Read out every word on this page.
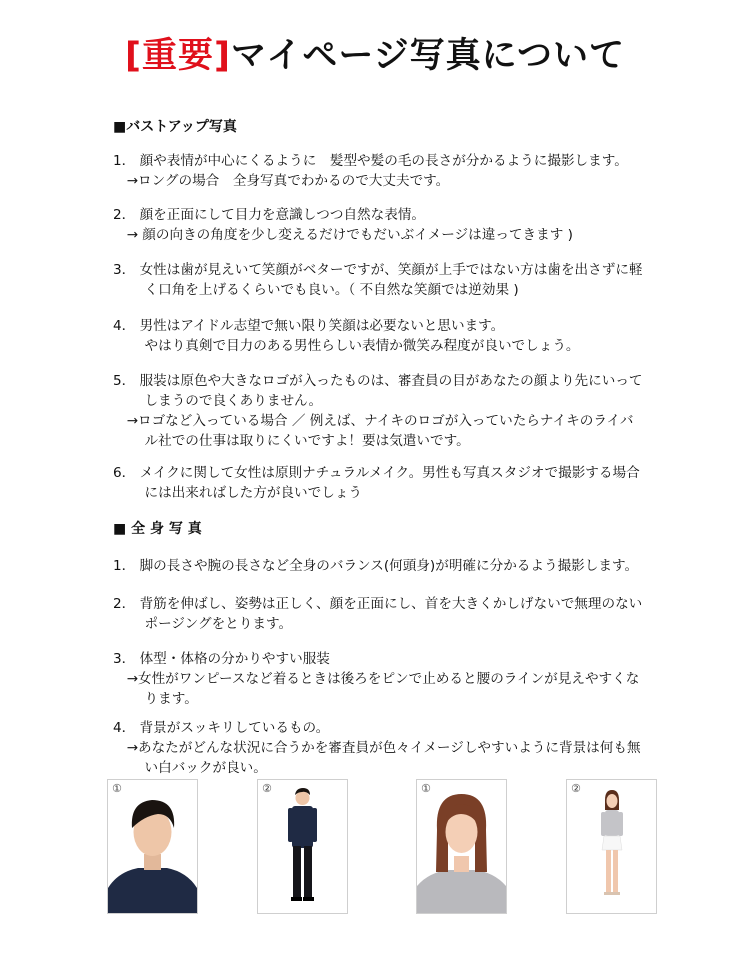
[重要]マイページ写真について
■バストアップ写真
1． 顔や表情が中心にくるように　髪型や髪の毛の長さが分かるように撮影します。
　→ロングの場合　全身写真でわかるので大丈夫です。
2． 顔を正面にして目力を意識しつつ自然な表情。
　→ 顔の向きの角度を少し変えるだけでもだいぶイメージは違ってきます )
3． 女性は歯が見えいて笑顔がベターですが、笑顔が上手ではない方は歯を出さずに軽
　　 く口角を上げるくらいでも良い。（ 不自然な笑顔では逆効果 )
4． 男性はアイドル志望で無い限り笑顔は必要ないと思います。
　　 やはり真剣で目力のある男性らしい表情か微笑み程度が良いでしょう。
5． 服装は原色や大きなロゴが入ったものは、審査員の目があなたの顔より先にいって
　　 しまうので良くありません。
　→ロゴなど入っている場合 ／ 例えば、ナイキのロゴが入っていたらナイキのライバ
　　 ル社での仕事は取りにくいですよ！要は気遣いです。
6． メイクに関して女性は原則ナチュラルメイク。男性も写真スタジオで撮影する場合
　　 には出来ればした方が良いでしょう
■ 全 身 写 真
1． 脚の長さや腕の長さなど全身のバランス(何頭身)が明確に分かるよう撮影します。
2． 背筋を伸ばし、姿勢は正しく、顔を正面にし、首を大きくかしげないで無理のない
　　 ポージングをとります。
3． 体型・体格の分かりやすい服装
　→女性がワンピースなど着るときは後ろをピンで止めると腰のラインが見えやすくな
　　 ります。
4． 背景がスッキリしているもの。
　→あなたがどんな状況に合うかを審査員が色々イメージしやすいように背景は何も無
　　 い白バックが良い。
①	②	①	②
